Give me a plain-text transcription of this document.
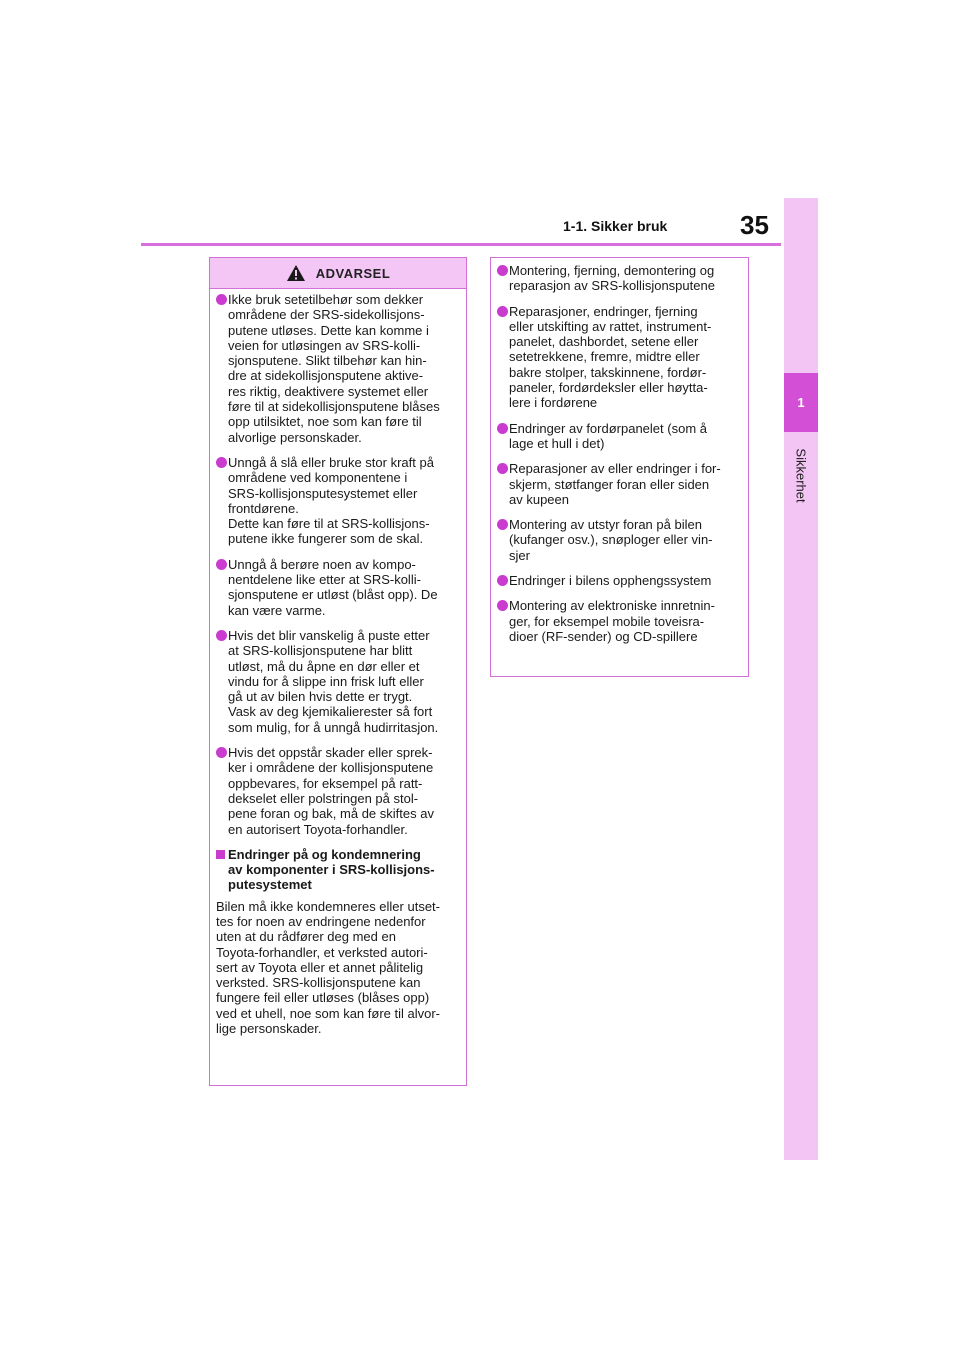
1-1. Sikker bruk	35
1
Sikkerhet
ADVARSEL
Ikke bruk setetilbehør som dekker
områdene der SRS-sidekollisjons-
putene utløses. Dette kan komme i
veien for utløsingen av SRS-kolli-
sjonsputene. Slikt tilbehør kan hin-
dre at sidekollisjonsputene aktive-
res riktig, deaktivere systemet eller
føre til at sidekollisjonsputene blåses
opp utilsiktet, noe som kan føre til
alvorlige personskader.
Unngå å slå eller bruke stor kraft på
områdene ved komponentene i
SRS-kollisjonsputesystemet eller
frontdørene.
Dette kan føre til at SRS-kollisjons-
putene ikke fungerer som de skal.
Unngå å berøre noen av kompo-
nentdelene like etter at SRS-kolli-
sjonsputene er utløst (blåst opp). De
kan være varme.
Hvis det blir vanskelig å puste etter
at SRS-kollisjonsputene har blitt
utløst, må du åpne en dør eller et
vindu for å slippe inn frisk luft eller
gå ut av bilen hvis dette er trygt.
Vask av deg kjemikalierester så fort
som mulig, for å unngå hudirritasjon.
Hvis det oppstår skader eller sprek-
ker i områdene der kollisjonsputene
oppbevares, for eksempel på ratt-
dekselet eller polstringen på stol-
pene foran og bak, må de skiftes av
en autorisert Toyota-forhandler.
Endringer på og kondemnering
av komponenter i SRS-kollisjons-
putesystemet
Bilen må ikke kondemneres eller utset-
tes for noen av endringene nedenfor
uten at du rådfører deg med en
Toyota-forhandler, et verksted autori-
sert av Toyota eller et annet pålitelig
verksted. SRS-kollisjonsputene kan
fungere feil eller utløses (blåses opp)
ved et uhell, noe som kan føre til alvor-
lige personskader.
Montering, fjerning, demontering og
reparasjon av SRS-kollisjonsputene
Reparasjoner, endringer, fjerning
eller utskifting av rattet, instrument-
panelet, dashbordet, setene eller
setetrekkene, fremre, midtre eller
bakre stolper, takskinnene, fordør-
paneler, fordørdeksler eller høytta-
lere i fordørene
Endringer av fordørpanelet (som å
lage et hull i det)
Reparasjoner av eller endringer i for-
skjerm, støtfanger foran eller siden
av kupeen
Montering av utstyr foran på bilen
(kufanger osv.), snøploger eller vin-
sjer
Endringer i bilens opphengssystem
Montering av elektroniske innretnin-
ger, for eksempel mobile toveisra-
dioer (RF-sender) og CD-spillere
